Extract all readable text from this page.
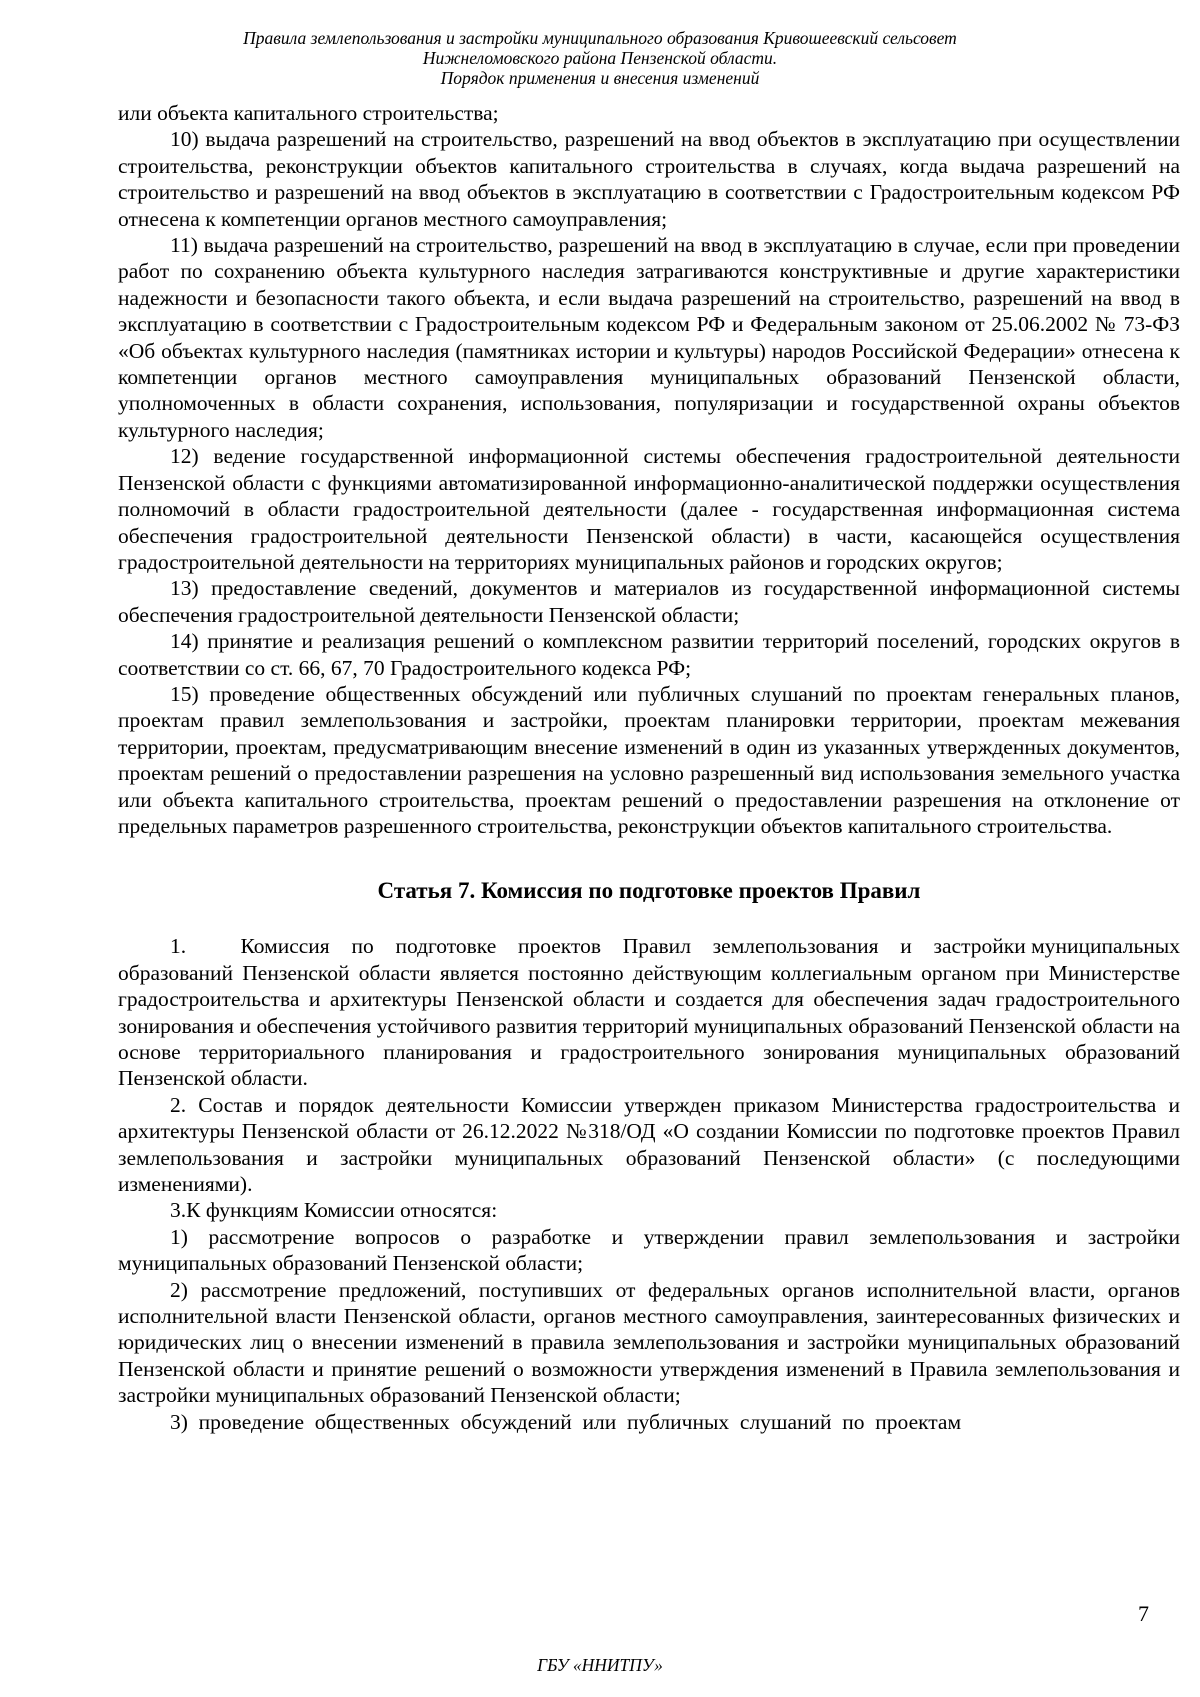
Правила землепользования и застройки муниципального образования Кривошеевский сельсовет
Нижнеломовского района Пензенской области.
Порядок применения и внесения изменений

или объекта капитального строительства;

10) выдача разрешений на строительство, разрешений на ввод объектов в эксплуатацию при осуществлении строительства, реконструкции объектов капитального строительства в случаях, когда выдача разрешений на строительство и разрешений на ввод объектов в эксплуатацию в соответствии с Градостроительным кодексом РФ отнесена к компетенции органов местного самоуправления;

11) выдача разрешений на строительство, разрешений на ввод в эксплуатацию в случае, если при проведении работ по сохранению объекта культурного наследия затрагиваются конструктивные и другие характеристики надежности и безопасности такого объекта, и если выдача разрешений на строительство, разрешений на ввод в эксплуатацию в соответствии с Градостроительным кодексом РФ и Федеральным законом от 25.06.2002 № 73-ФЗ «Об объектах культурного наследия (памятниках истории и культуры) народов Российской Федерации» отнесена к компетенции органов местного самоуправления муниципальных образований Пензенской области, уполномоченных в области сохранения, использования, популяризации и государственной охраны объектов культурного наследия;

12) ведение государственной информационной системы обеспечения градостроительной деятельности Пензенской области с функциями автоматизированной информационно-аналитической поддержки осуществления полномочий в области градостроительной деятельности (далее - государственная информационная система обеспечения градостроительной деятельности Пензенской области) в части, касающейся осуществления градостроительной деятельности на территориях муниципальных районов и городских округов;

13) предоставление сведений, документов и материалов из государственной информационной системы обеспечения градостроительной деятельности Пензенской области;

14) принятие и реализация решений о комплексном развитии территорий поселений, городских округов в соответствии со ст. 66, 67, 70 Градостроительного кодекса РФ;

15) проведение общественных обсуждений или публичных слушаний по проектам генеральных планов, проектам правил землепользования и застройки, проектам планировки территории, проектам межевания территории, проектам, предусматривающим внесение изменений в один из указанных утвержденных документов, проектам решений о предоставлении разрешения на условно разрешенный вид использования земельного участка или объекта капитального строительства, проектам решений о предоставлении разрешения на отклонение от предельных параметров разрешенного строительства, реконструкции объектов капитального строительства.

Статья 7. Комиссия по подготовке проектов Правил

1.          Комиссия    по    подготовке    проектов    Правил    землепользования    и    застройки муниципальных образований Пензенской области является постоянно действующим коллегиальным органом при Министерстве градостроительства и архитектуры Пензенской области и создается для обеспечения задач градостроительного зонирования и обеспечения устойчивого развития территорий муниципальных образований Пензенской области на основе территориального планирования и градостроительного зонирования муниципальных образований Пензенской области.

2. Состав и порядок деятельности Комиссии утвержден приказом Министерства градостроительства и архитектуры Пензенской области от 26.12.2022 №318/ОД «О создании Комиссии по подготовке проектов Правил землепользования и застройки муниципальных образований Пензенской области» (с последующими изменениями).

3.К функциям Комиссии относятся:

1) рассмотрение вопросов о разработке и утверждении правил землепользования и застройки муниципальных образований Пензенской области;

2) рассмотрение предложений, поступивших от федеральных органов исполнительной власти, органов исполнительной власти Пензенской области, органов местного самоуправления, заинтересованных физических и юридических лиц о внесении изменений в правила землепользования и застройки муниципальных образований Пензенской области и принятие решений о возможности утверждения изменений в Правила землепользования и застройки муниципальных образований Пензенской области;

3)  проведение  общественных  обсуждений  или  публичных  слушаний  по  проектам

7
ГБУ «ННИТПУ»
